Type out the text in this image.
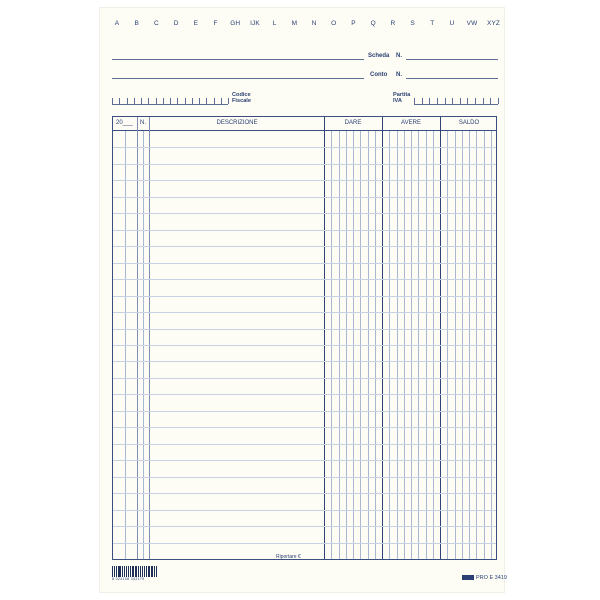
A	B	C	D	E	F	GH IJK	L	M	N	O	P	Q	R	S	T	U	VW XYZ
Scheda N.
Conto N.
Codice
Fiscale
Partita
IVA
20___ N.	DESCRIZIONE	DARE	AVERE	SALDO
Riportare €
8 024158 343179	PRO E 3419
